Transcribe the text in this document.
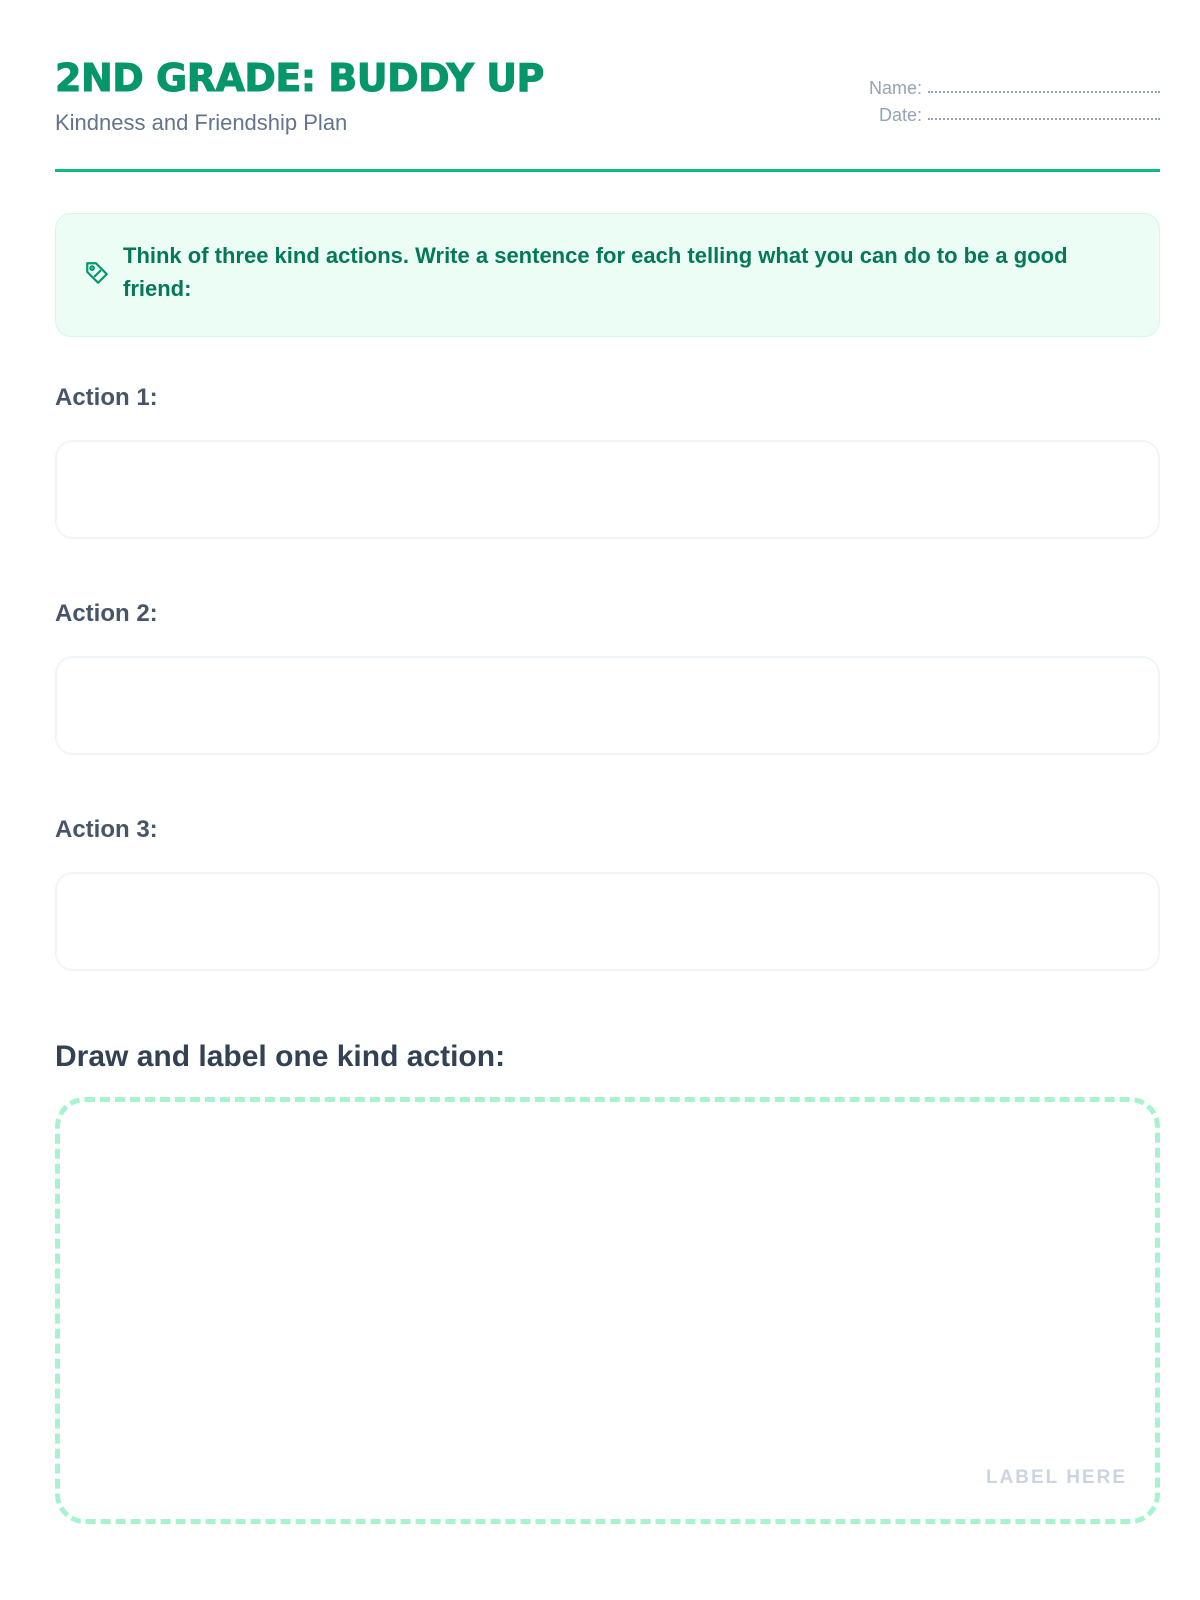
2ND GRADE: BUDDY UP
Kindness and Friendship Plan
Name:
Date:
Think of three kind actions. Write a sentence for each telling what you can do to be a good friend:
Action 1:
Action 2:
Action 3:
Draw and label one kind action:
LABEL HERE
